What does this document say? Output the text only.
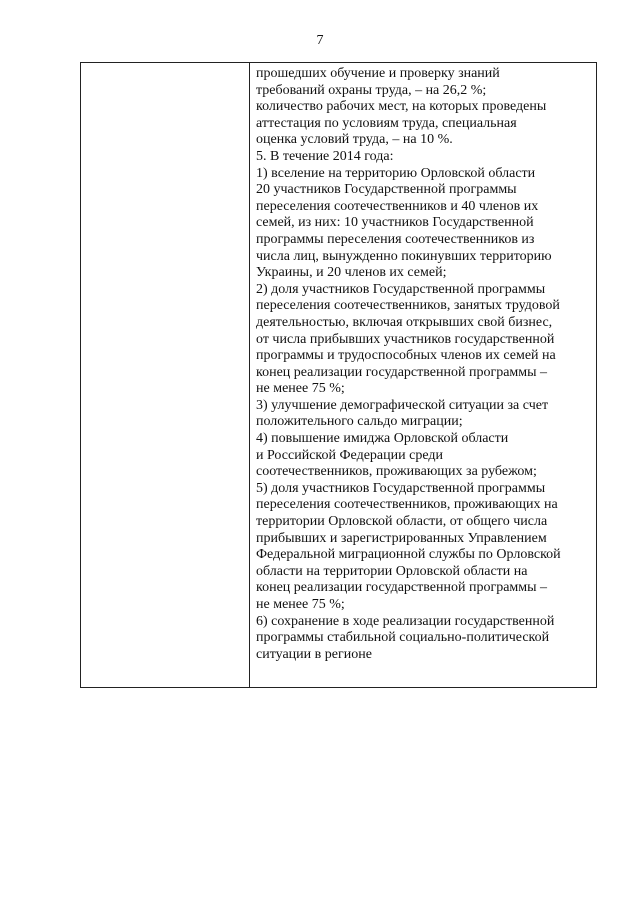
7
прошедших обучение и проверку знаний
требований охраны труда, – на 26,2 %;
количество рабочих мест, на которых проведены
аттестация по условиям труда, специальная
оценка условий труда, – на 10 %.
5. В течение 2014 года:
1) вселение на территорию Орловской области
20 участников Государственной программы
переселения соотечественников и 40 членов их
семей, из них: 10 участников Государственной
программы переселения соотечественников из
числа лиц, вынужденно покинувших территорию
Украины, и 20 членов их семей;
2) доля участников Государственной программы
переселения соотечественников, занятых трудовой
деятельностью, включая открывших свой бизнес,
от числа прибывших участников государственной
программы и трудоспособных членов их семей на
конец реализации государственной программы –
не менее 75 %;
3) улучшение демографической ситуации за счет
положительного сальдо миграции;
4) повышение имиджа Орловской области
и Российской Федерации среди
соотечественников, проживающих за рубежом;
5) доля участников Государственной программы
переселения соотечественников, проживающих на
территории Орловской области, от общего числа
прибывших и зарегистрированных Управлением
Федеральной миграционной службы по Орловской
области на территории Орловской области на
конец реализации государственной программы –
не менее 75 %;
6) сохранение в ходе реализации государственной
программы стабильной социально-политической
ситуации в регионе
